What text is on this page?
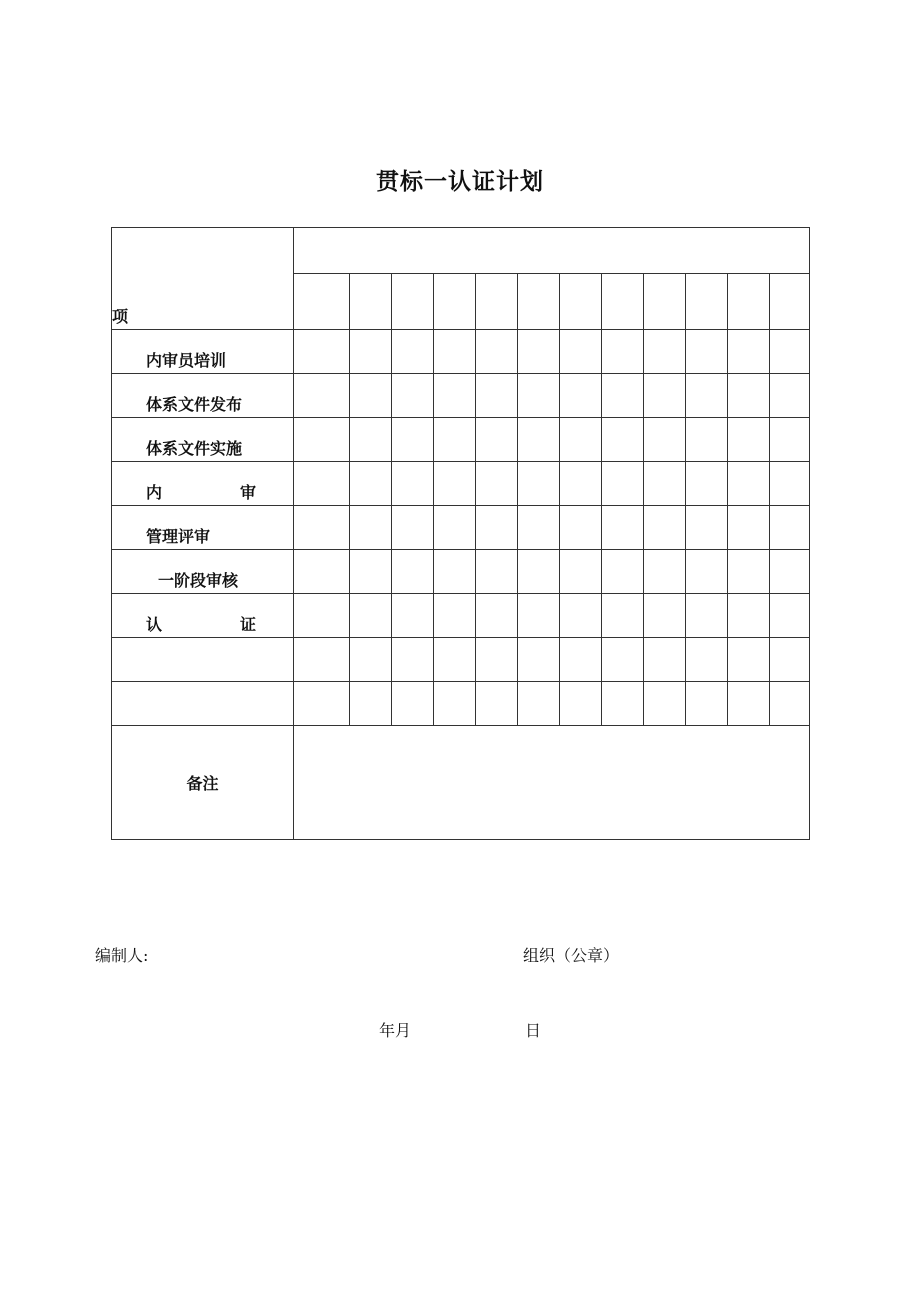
贯标一认证计划
项												

内审员培训												

体系文件发布												

体系文件实施												

内审												

管理评审												

一阶段审核												

认证												

备注												
编制人:	组织（公章）
年月	日
